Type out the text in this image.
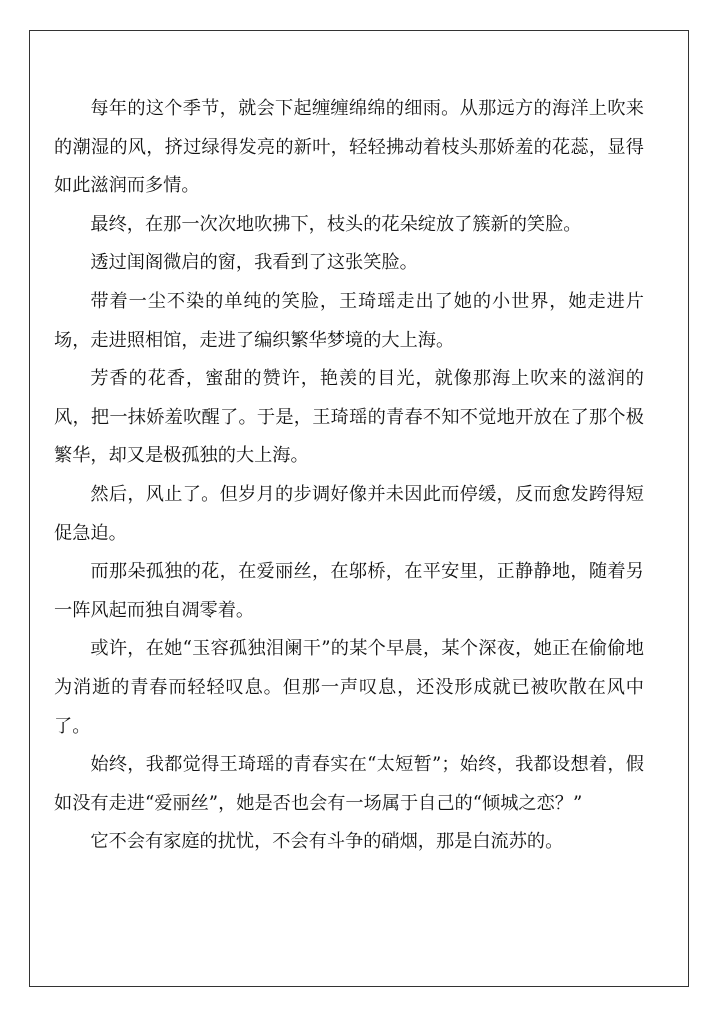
每年的这个季节，就会下起缠缠绵绵的细雨。从那远方的海洋上吹来的潮湿的风，挤过绿得发亮的新叶，轻轻拂动着枝头那娇羞的花蕊，显得如此滋润而多情。

最终，在那一次次地吹拂下，枝头的花朵绽放了簇新的笑脸。

透过闺阁微启的窗，我看到了这张笑脸。

带着一尘不染的单纯的笑脸，王琦瑶走出了她的小世界，她走进片场，走进照相馆，走进了编织繁华梦境的大上海。

芳香的花香，蜜甜的赞许，艳羡的目光，就像那海上吹来的滋润的风，把一抹娇羞吹醒了。于是，王琦瑶的青春不知不觉地开放在了那个极繁华，却又是极孤独的大上海。

然后，风止了。但岁月的步调好像并未因此而停缓，反而愈发跨得短促急迫。

而那朵孤独的花，在爱丽丝，在邬桥，在平安里，正静静地，随着另一阵风起而独自凋零着。

或许，在她“玉容孤独泪阑干”的某个早晨，某个深夜，她正在偷偷地为消逝的青春而轻轻叹息。但那一声叹息，还没形成就已被吹散在风中了。

始终，我都觉得王琦瑶的青春实在“太短暂”；始终，我都设想着，假如没有走进“爱丽丝”，她是否也会有一场属于自己的“倾城之恋？”

它不会有家庭的扰忧，不会有斗争的硝烟，那是白流苏的。
